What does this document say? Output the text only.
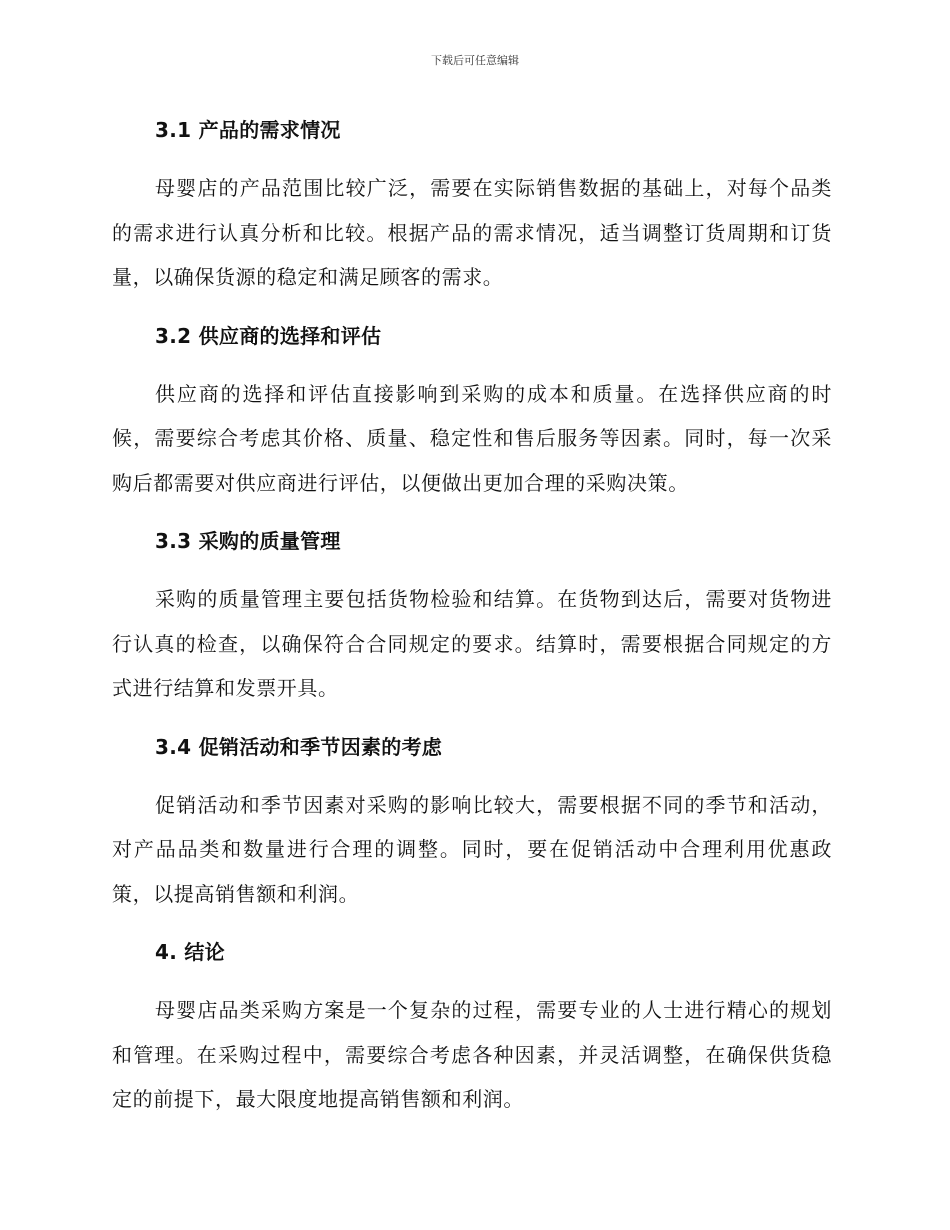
下载后可任意编辑
3.1 产品的需求情况

母婴店的产品范围比较广泛，需要在实际销售数据的基础上，对每个品类的需求进行认真分析和比较。根据产品的需求情况，适当调整订货周期和订货量，以确保货源的稳定和满足顾客的需求。

3.2 供应商的选择和评估

供应商的选择和评估直接影响到采购的成本和质量。在选择供应商的时候，需要综合考虑其价格、质量、稳定性和售后服务等因素。同时，每一次采购后都需要对供应商进行评估，以便做出更加合理的采购决策。

3.3 采购的质量管理

采购的质量管理主要包括货物检验和结算。在货物到达后，需要对货物进行认真的检查，以确保符合合同规定的要求。结算时，需要根据合同规定的方式进行结算和发票开具。

3.4 促销活动和季节因素的考虑

促销活动和季节因素对采购的影响比较大，需要根据不同的季节和活动，对产品品类和数量进行合理的调整。同时，要在促销活动中合理利用优惠政策，以提高销售额和利润。

4. 结论

母婴店品类采购方案是一个复杂的过程，需要专业的人士进行精心的规划和管理。在采购过程中，需要综合考虑各种因素，并灵活调整，在确保供货稳定的前提下，最大限度地提高销售额和利润。
